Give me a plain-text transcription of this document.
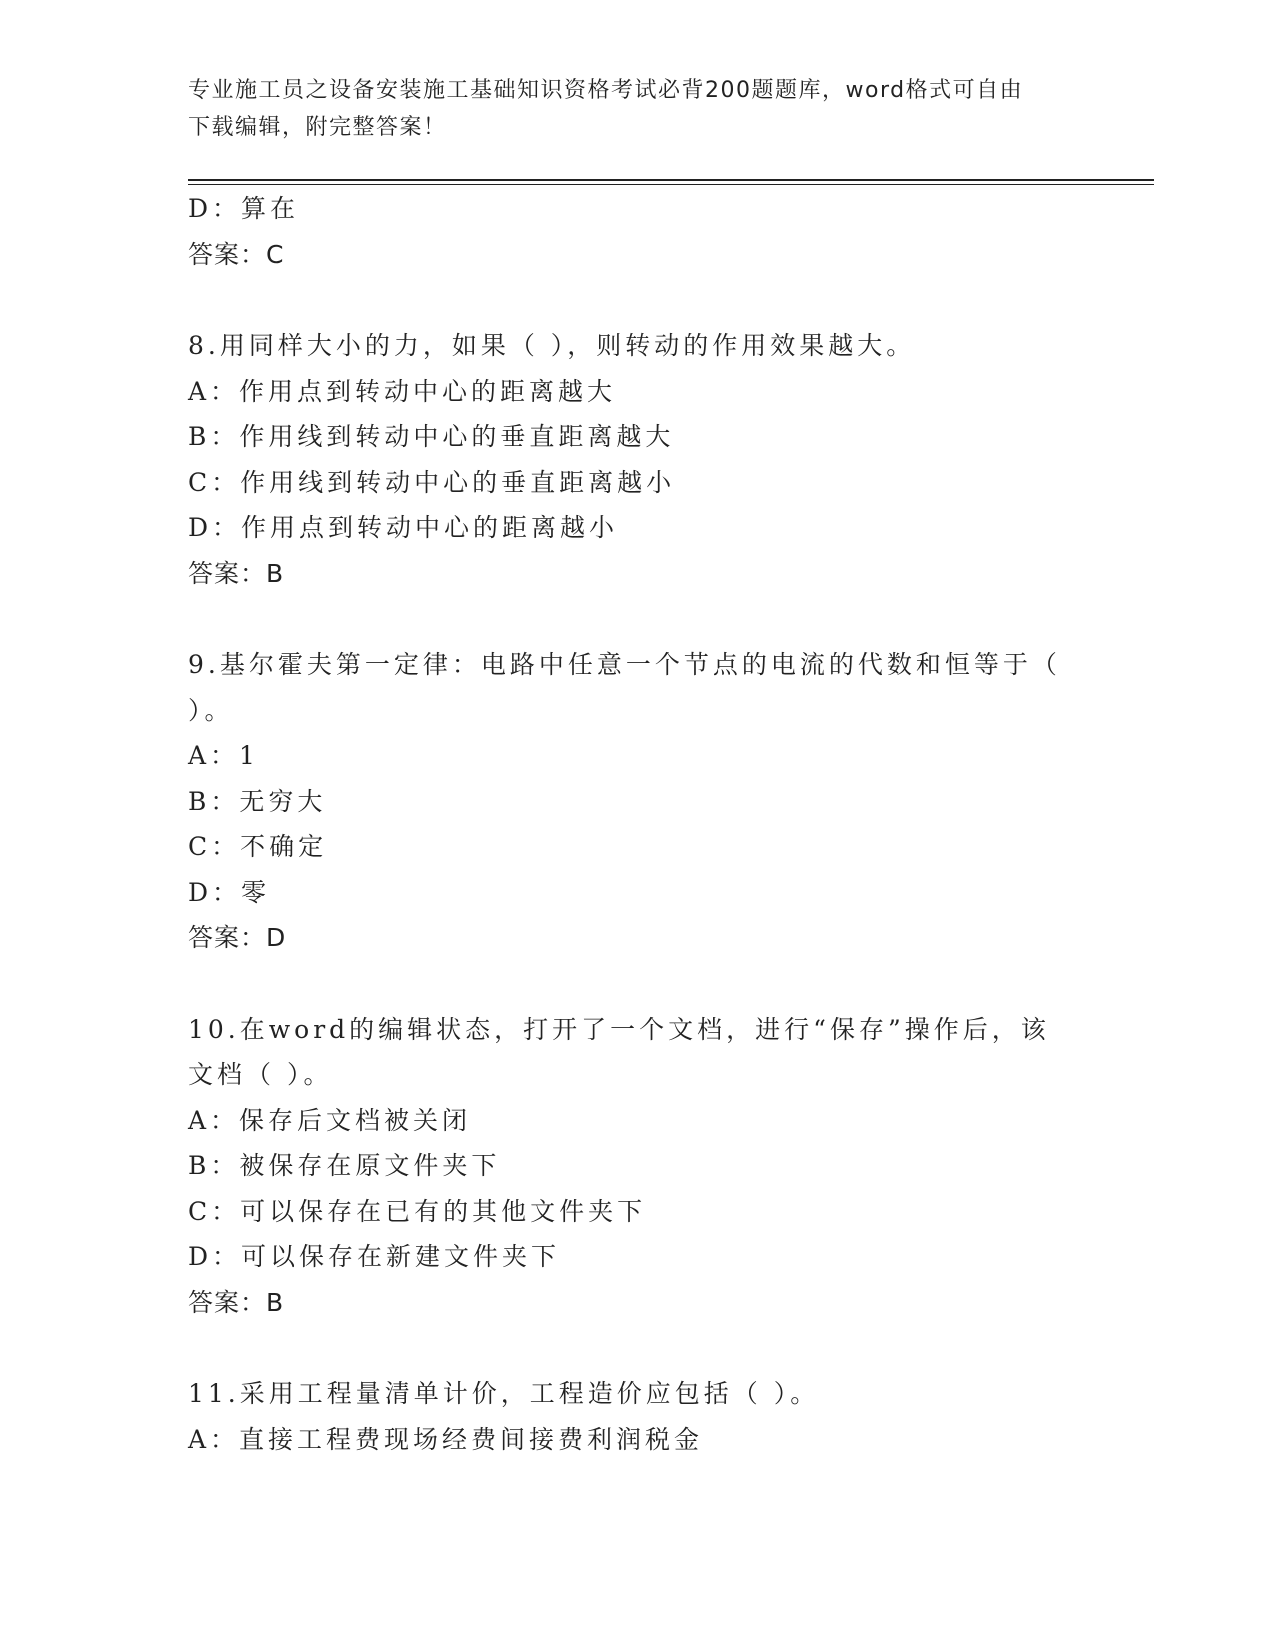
专业施工员之设备安装施工基础知识资格考试必背200题题库，word格式可自由
下载编辑，附完整答案！
D：算在
答案：C
8.用同样大小的力，如果（ ），则转动的作用效果越大。
A：作用点到转动中心的距离越大
B：作用线到转动中心的垂直距离越大
C：作用线到转动中心的垂直距离越小
D：作用点到转动中心的距离越小
答案：B
9.基尔霍夫第一定律：电路中任意一个节点的电流的代数和恒等于（
）。
A：1
B：无穷大
C：不确定
D：零
答案：D
10.在word的编辑状态，打开了一个文档，进行“保存”操作后，该
文档（ ）。
A：保存后文档被关闭
B：被保存在原文件夹下
C：可以保存在已有的其他文件夹下
D：可以保存在新建文件夹下
答案：B
11.采用工程量清单计价，工程造价应包括（ ）。
A：直接工程费现场经费间接费利润税金
